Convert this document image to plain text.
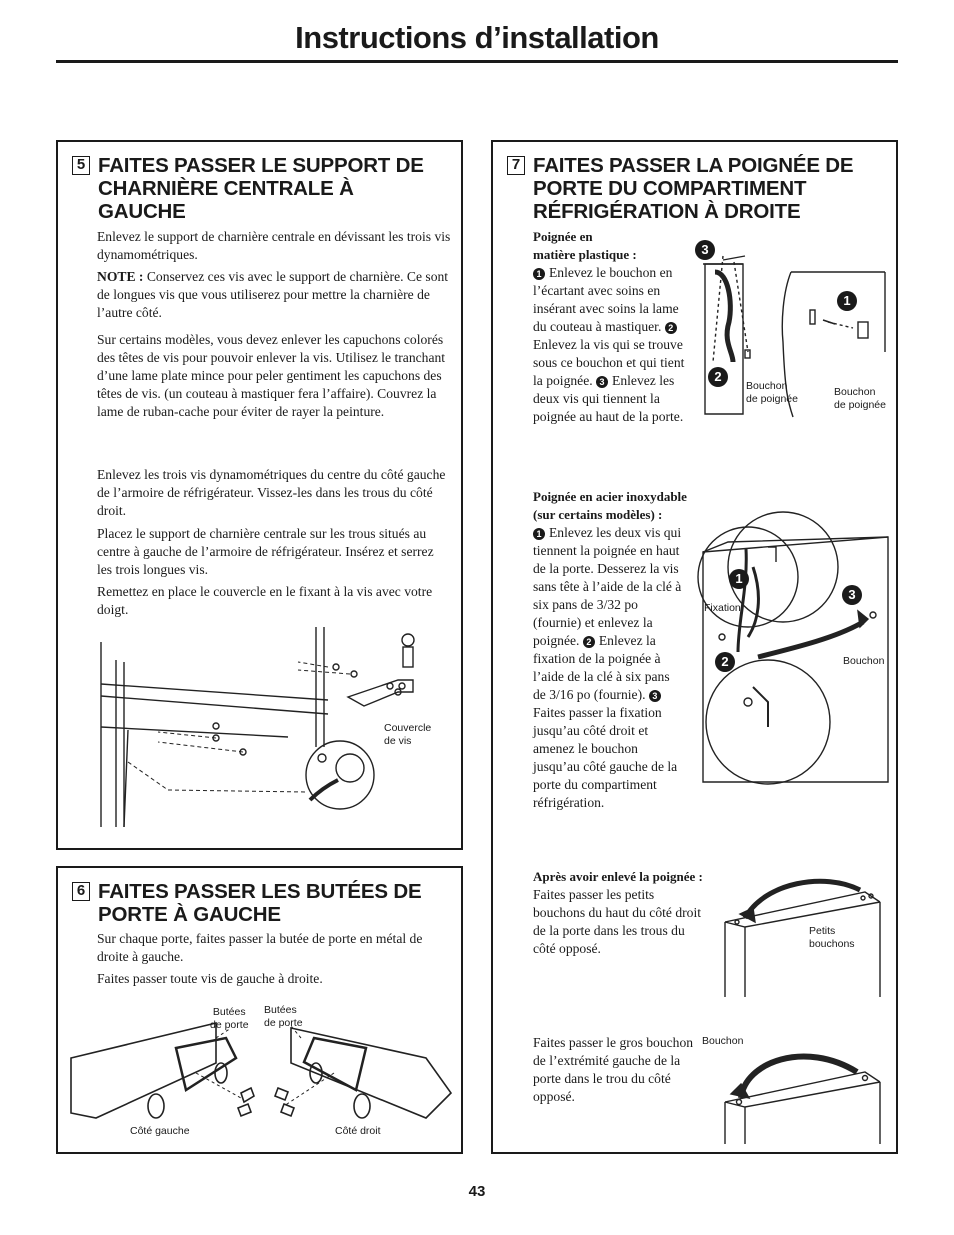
Instructions d’installation
5 FAITES PASSER LE SUPPORT DE CHARNIÈRE CENTRALE À GAUCHE

Enlevez le support de charnière centrale en dévissant les trois vis dynamométriques.

NOTE : Conservez ces vis avec le support de charnière. Ce sont de longues vis que vous utiliserez pour mettre la charnière de l’autre côté.

Sur certains modèles, vous devez enlever les capuchons colorés des têtes de vis pour pouvoir enlever la vis. Utilisez le tranchant d’une lame plate mince pour peler gentiment les capuchons des têtes de vis. (un couteau à mastiquer fera l’affaire). Couvrez la lame de ruban-cache pour éviter de rayer la peinture.

Enlevez les trois vis dynamométriques du centre du côté gauche de l’armoire de réfrigérateur. Vissez-les dans les trous du côté droit.

Placez le support de charnière centrale sur les trous situés au centre à gauche de l’armoire de réfrigérateur. Insérez et serrez les trois longues vis.

Remettez en place le couvercle en le fixant à la vis avec votre doigt.

Couvercle
de vis
6 FAITES PASSER LES BUTÉES DE PORTE À GAUCHE

Sur chaque porte, faites passer la butée de porte en métal de droite à gauche.

Faites passer toute vis de gauche à droite.

Butées
de porte
Butées
de porte
Côté gauche	Côté droit
7 FAITES PASSER LA POIGNÉE DE PORTE DU COMPARTIMENT RÉFRIGÉRATION À DROITE
Poignée en
matière plastique :

1 Enlevez le bouchon en l’écartant avec soins en insérant avec soins la lame du couteau à mastiquer. 2Enlevez la vis qui se trouve sous ce bouchon et qui tient la poignée. 3 Enlevez les deux vis qui tiennent la poignée au haut de la porte.

3
1
2
Bouchon
de poignée
Bouchon
de poignée
Poignée en acier inoxydable
(sur certains modèles) :

1 Enlevez les deux vis qui tiennent la poignée en haut de la porte. Desserez la vis sans tête à l’aide de la clé à six pans de 3/32 po (fournie) et enlevez la poignée. 2 Enlevez la fixation de la poignée à l’aide de la clé à six pans de 3/16 po (fournie). 3Faites passer la fixation jusqu’au côté droit et amenez le bouchon jusqu’au côté gauche de la porte du compartiment réfrigération.

1
3
2
Fixation
Bouchon

Après avoir enlevé la poignée : Faites passer les petits bouchons du haut du côté droit de la porte dans les trous du côté opposé.

Petits
bouchons

Faites passer le gros bouchon de l’extrémité gauche de la porte dans le trou du côté opposé.

Bouchon
43
